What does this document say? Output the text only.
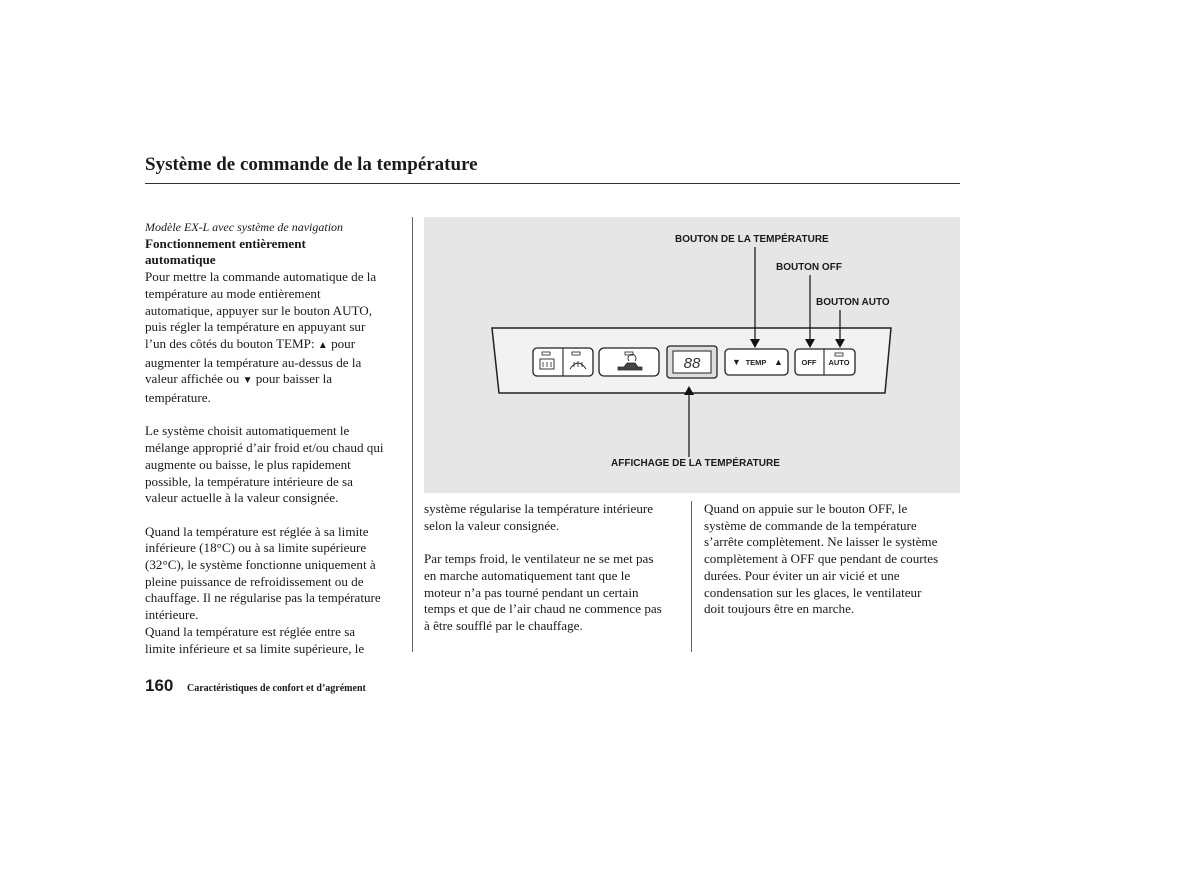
Système de commande de la température

Modèle EX-L avec système de navigation

Fonctionnement entièrement

automatique

Pour mettre la commande automatique de la

température au mode entièrement

automatique, appuyer sur le bouton AUTO,

puis régler la température en appuyant sur

l’un des côtés du bouton TEMP: ▲ pour

augmenter la température au-dessus de la

valeur affichée ou ▼ pour baisser la

température.

Le système choisit automatiquement le

mélange approprié d’air froid et/ou chaud qui

augmente ou baisse, le plus rapidement

possible, la température intérieure de sa

valeur actuelle à la valeur consignée.

Quand la température est réglée à sa limite

inférieure (18°C) ou à sa limite supérieure

(32°C), le système fonctionne uniquement à

pleine puissance de refroidissement ou de

chauffage. Il ne régularise pas la température

intérieure.

Quand la température est réglée entre sa

limite inférieure et sa limite supérieure, le

88	▼ TEMP ▲ OFF AUTO
BOUTON DE LA TEMPÉRATURE
BOUTON OFF
BOUTON AUTO
AFFICHAGE DE LA TEMPÉRATURE

système régularise la température intérieure

selon la valeur consignée.

Par temps froid, le ventilateur ne se met pas

en marche automatiquement tant que le

moteur n’a pas tourné pendant un certain

temps et que de l’air chaud ne commence pas

à être soufflé par le chauffage.

Quand on appuie sur le bouton OFF, le

système de commande de la température

s’arrête complètement. Ne laisser le système

complètement à OFF que pendant de courtes

durées. Pour éviter un air vicié et une

condensation sur les glaces, le ventilateur

doit toujours être en marche.

160 Caractéristiques de confort et d’agrément
